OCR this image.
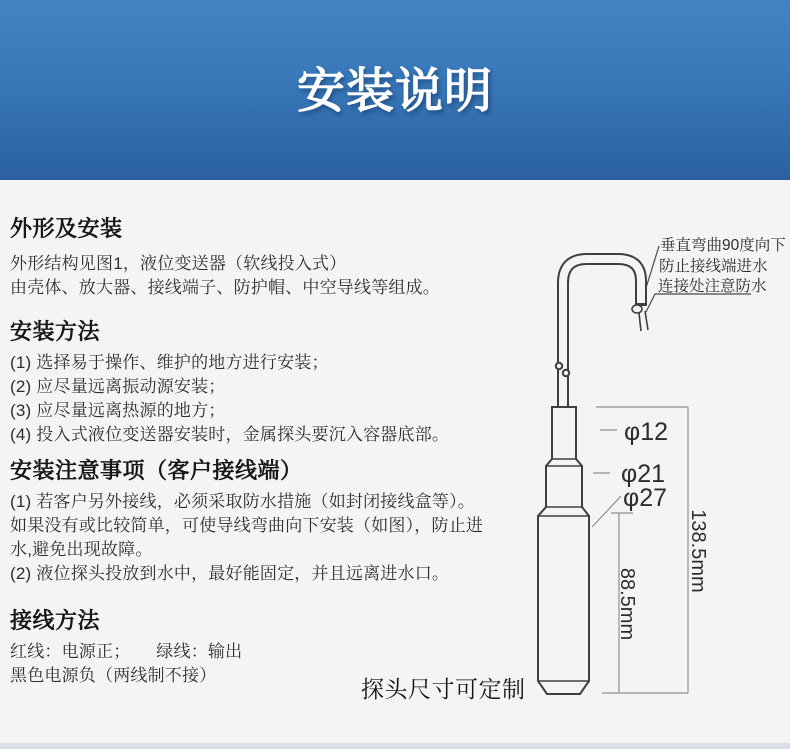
安装说明
外形及安装
外形结构见图1，液位变送器（软线投入式）
由壳体、放大器、接线端子、防护帽、中空导线等组成。
安装方法
(1) 选择易于操作、维护的地方进行安装；
(2) 应尽量远离振动源安装；
(3) 应尽量远离热源的地方；
(4) 投入式液位变送器安装时，金属探头要沉入容器底部。
安装注意事项（客户接线端）
(1) 若客户另外接线，必须采取防水措施（如封闭接线盒等）。
如果没有或比较简单，可使导线弯曲向下安装（如图），防止进
水,避免出现故障。
(2) 液位探头投放到水中，最好能固定，并且远离进水口。
接线方法
红线：电源正；　　绿线：输出
黑色电源负（两线制不接）
垂直弯曲90度向下
防止接线端进水
连接处注意防水
φ12
φ21
φ27
138.5mm
88.5mm
探头尺寸可定制
